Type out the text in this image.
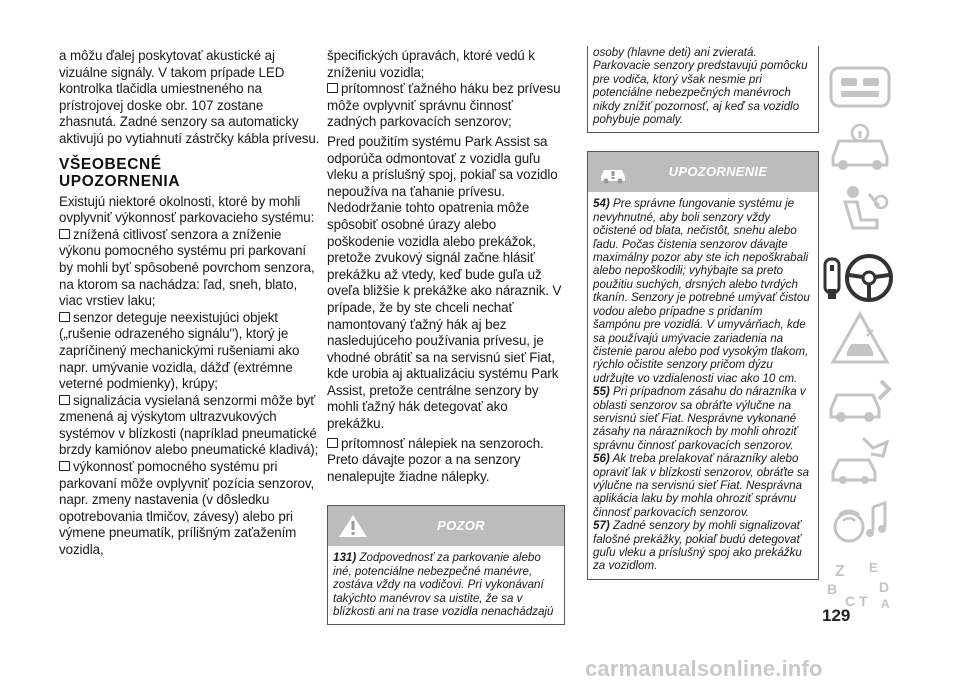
a môžu ďalej poskytovať akustické aj vizuálne signály. V takom prípade LED kontrolka tlačidla umiestneného na prístrojovej doske obr. 107 zostane zhasnutá. Zadné senzory sa automaticky aktivujú po vytiahnutí zástrčky kábla prívesu.

VŠEOBECNÉ
UPOZORNENIA

Existujú niektoré okolnosti, ktoré by mohli ovplyvniť výkonnosť parkovacieho systému:

znížená citlivosť senzora a zníženie výkonu pomocného systému pri parkovaní by mohli byť spôsobené povrchom senzora, na ktorom sa nachádza: ľad, sneh, blato, viac vrstiev laku;

senzor deteguje neexistujúci objekt („rušenie odrazeného signálu"), ktorý je zapríčinený mechanickými rušeniami ako napr. umývanie vozidla, dážď (extrémne veterné podmienky), krúpy;

signalizácia vysielaná senzormi môže byť zmenená aj výskytom ultrazvukových systémov v blízkosti (napríklad pneumatické brzdy kamiónov alebo pneumatické kladivá);

výkonnosť pomocného systému pri parkovaní môže ovplyvniť pozícia senzorov, napr. zmeny nastavenia (v dôsledku opotrebovania tlmičov, závesy) alebo pri výmene pneumatík, prílišným zaťažením vozidla,

špecifických úpravách, ktoré vedú k zníženiu vozidla;

prítomnosť ťažného háku bez prívesu môže ovplyvniť správnu činnosť zadných parkovacích senzorov;

Pred použitím systému Park Assist sa odporúča odmontovať z vozidla guľu vleku a príslušný spoj, pokiaľ sa vozidlo nepoužíva na ťahanie prívesu. Nedodržanie tohto opatrenia môže spôsobiť osobné úrazy alebo poškodenie vozidla alebo prekážok, pretože zvukový signál začne hlásiť prekážku až vtedy, keď bude guľa už oveľa bližšie k prekážke ako náraznik. V prípade, že by ste chceli nechať namontovaný ťažný hák aj bez nasledujúceho používania prívesu, je vhodné obrátiť sa na servisnú sieť Fiat, kde urobia aj aktualizáciu systému Park Assist, pretože centrálne senzory by mohli ťažný hák detegovať ako prekážku.

prítomnosť nálepiek na senzoroch. Preto dávajte pozor a na senzory nenalepujte žiadne nálepky.

POZOR

131) Zodpovednosť za parkovanie alebo iné, potenciálne nebezpečné manévre, zostáva vždy na vodičovi. Pri vykonávaní takýchto manévrov sa uistite, že sa v blízkosti ani na trase vozidla nenachádzajú

osoby (hlavne deti) ani zvieratá. Parkovacie senzory predstavujú pomôcku pre vodiča, ktorý však nesmie pri potenciálne nebezpečných manévroch nikdy znížiť pozornosť, aj keď sa vozidlo pohybuje pomaly.

UPOZORNENIE

54) Pre správne fungovanie systému je nevyhnutné, aby boli senzory vždy očistené od blata, nečistôt, snehu alebo ľadu. Počas čistenia senzorov dávajte maximálny pozor aby ste ich nepoškrabali alebo nepoškodili; vyhýbajte sa preto použitiu suchých, drsných alebo tvrdých tkanín. Senzory je potrebné umývať čistou vodou alebo prípadne s pridaním šampónu pre vozidlá. V umyvárňach, kde sa používajú umývacie zariadenia na čistenie parou alebo pod vysokým tlakom, rýchlo očistite senzory pričom dýzu udržujte vo vzdialenosti viac ako 10 cm.

55) Pri prípadnom zásahu do nárazníka v oblasti senzorov sa obráťte výlučne na servisnú sieť Fiat. Nesprávne vykonané zásahy na nárazníkoch by mohli ohroziť správnu činnosť parkovacích senzorov.

56) Ak treba prelakovať nárazníky alebo opraviť lak v blízkosti senzorov, obráťte sa výlučne na servisnú sieť Fiat. Nesprávna aplikácia laku by mohla ohroziť správnu činnosť parkovacích senzorov.

57) Zadné senzory by mohli signalizovať falošné prekážky, pokiaľ budú detegovať guľu vleku a príslušný spoj ako prekážku za vozidlom.	Z E
B
C T
D
A
129
carmanualsonline.info
